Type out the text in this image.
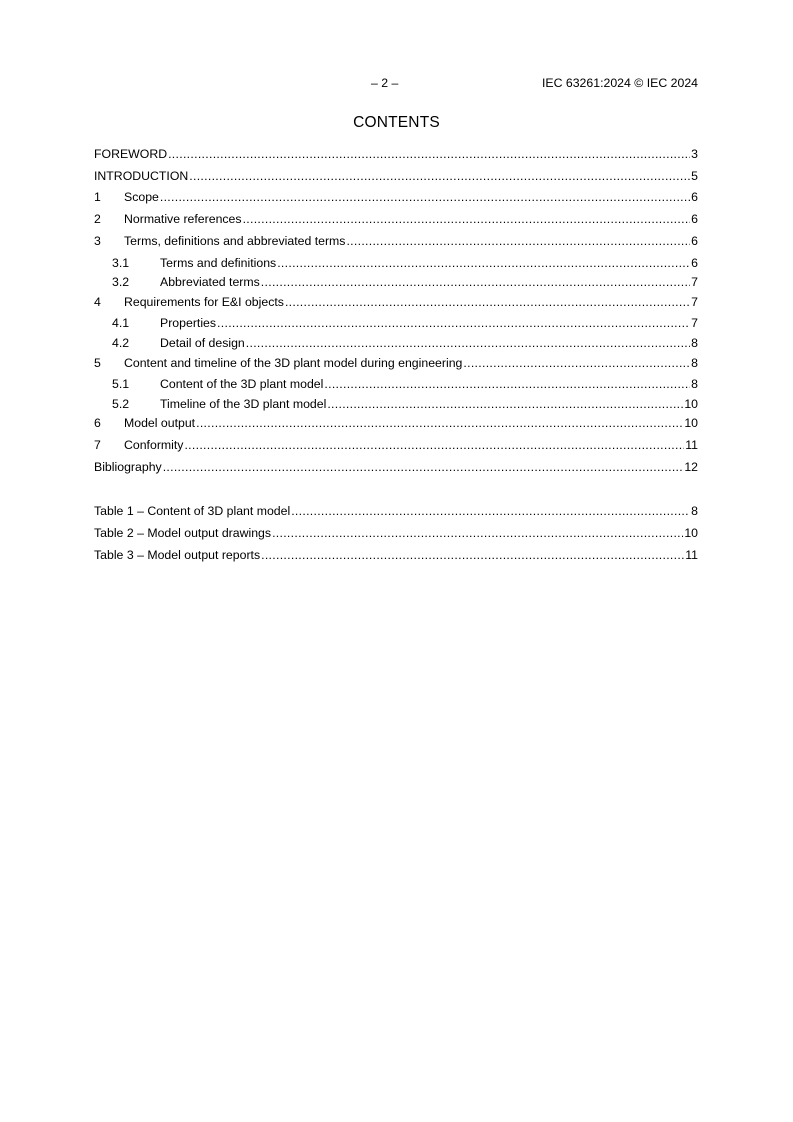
– 2 –	IEC 63261:2024 © IEC 2024
CONTENTS
FOREWORD .....	3
INTRODUCTION .....	5
1	Scope .....	6
2	Normative references .....	6
3	Terms, definitions and abbreviated terms .....	6
3.1	Terms and definitions .....	6
3.2	Abbreviated terms .....	7
4	Requirements for E&I objects .....	7
4.1	Properties .....	7
4.2	Detail of design .....	8
5	Content and timeline of the 3D plant model during engineering .....	8
5.1	Content of the 3D plant model .....	8
5.2	Timeline of the 3D plant model .....	10
6	Model output .....	10
7	Conformity .....	11
Bibliography .....	12
Table 1 – Content of 3D plant model .....	8
Table 2 – Model output drawings .....	10
Table 3 – Model output reports .....	11
